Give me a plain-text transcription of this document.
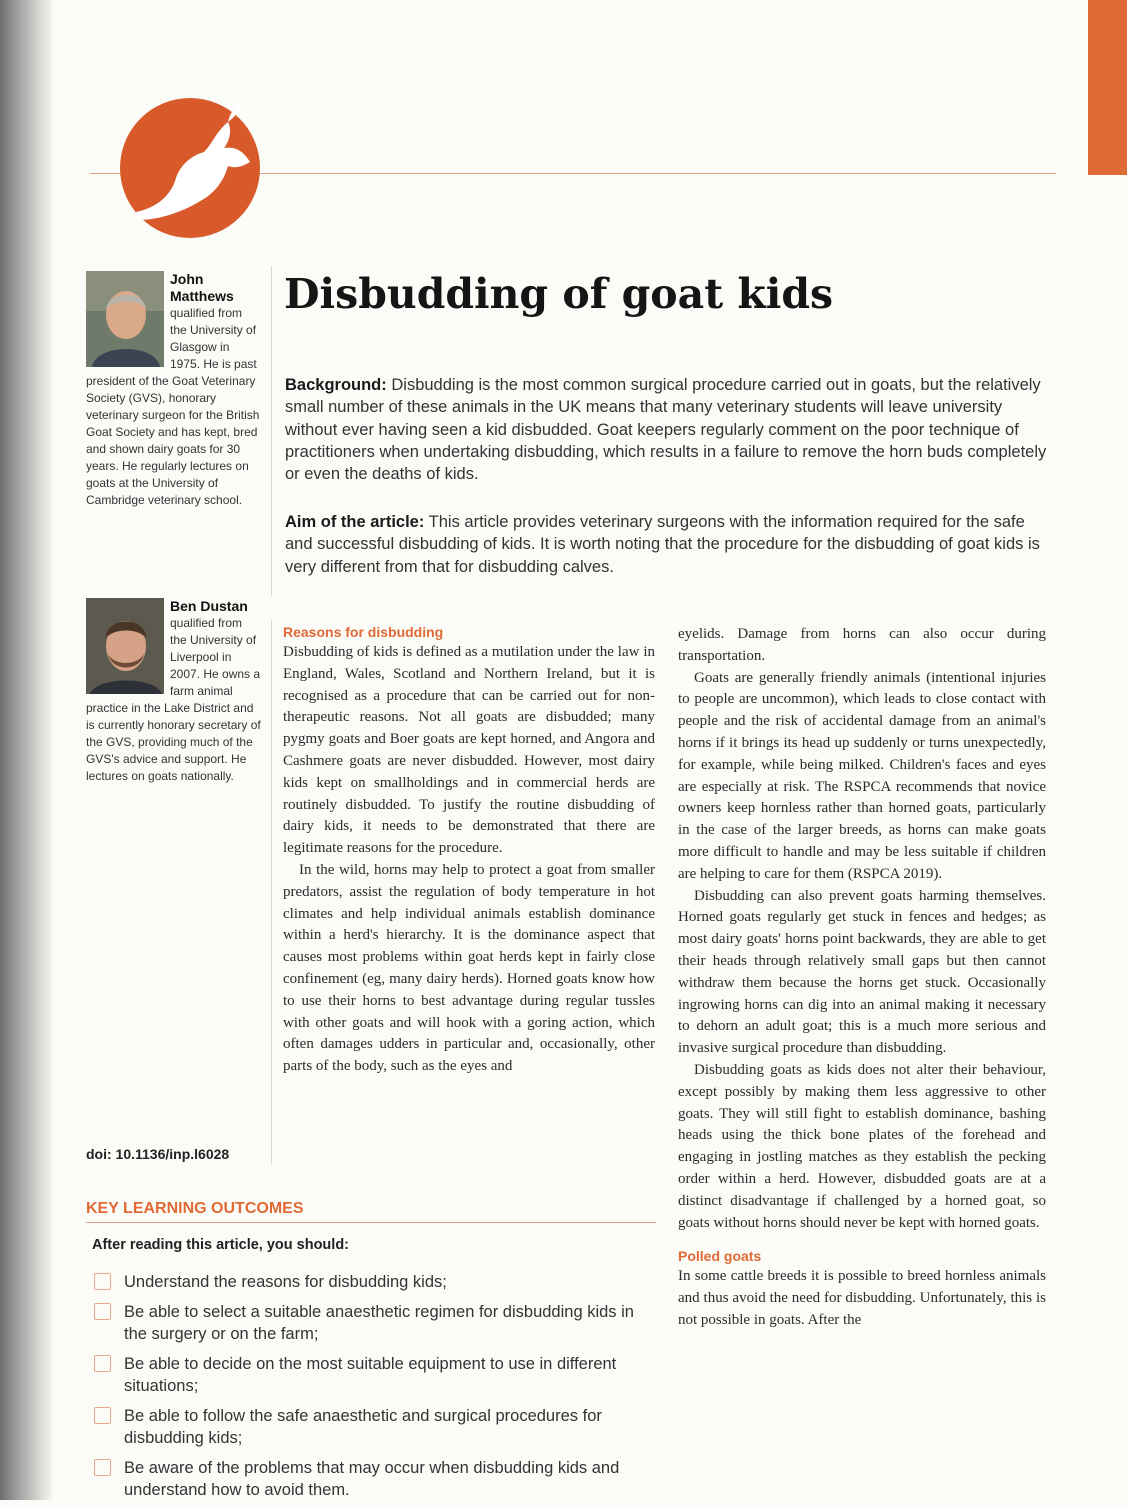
John Matthews
qualified from the University of Glasgow in 1975. He is past president of the Goat Veterinary Society (GVS), honorary veterinary surgeon for the British Goat Society and has kept, bred and shown dairy goats for 30 years. He regularly lectures on goats at the University of Cambridge veterinary school.
Ben Dustan
qualified from the University of Liverpool in 2007. He owns a farm animal practice in the Lake District and is currently honorary secretary of the GVS, providing much of the GVS's advice and support. He lectures on goats nationally.
Disbudding of goat kids

Background: Disbudding is the most common surgical procedure carried out in goats, but the relatively small number of these animals in the UK means that many veterinary students will leave university without ever having seen a kid disbudded. Goat keepers regularly comment on the poor technique of practitioners when undertaking disbudding, which results in a failure to remove the horn buds completely or even the deaths of kids.

Aim of the article: This article provides veterinary surgeons with the information required for the safe and successful disbudding of kids. It is worth noting that the procedure for the disbudding of goat kids is very different from that for disbudding calves.

Reasons for disbudding

Disbudding of kids is defined as a mutilation under the law in England, Wales, Scotland and Northern Ireland, but it is recognised as a procedure that can be carried out for non-therapeutic reasons. Not all goats are disbudded; many pygmy goats and Boer goats are kept horned, and Angora and Cashmere goats are never disbudded. However, most dairy kids kept on smallholdings and in commercial herds are routinely disbudded. To justify the routine disbudding of dairy kids, it needs to be demonstrated that there are legitimate reasons for the procedure.

In the wild, horns may help to protect a goat from smaller predators, assist the regulation of body temperature in hot climates and help individual animals establish dominance within a herd's hierarchy. It is the dominance aspect that causes most problems within goat herds kept in fairly close confinement (eg, many dairy herds). Horned goats know how to use their horns to best advantage during regular tussles with other goats and will hook with a goring action, which often damages udders in particular and, occasionally, other parts of the body, such as the eyes and

doi: 10.1136/inp.l6028

eyelids. Damage from horns can also occur during transportation.

Goats are generally friendly animals (intentional injuries to people are uncommon), which leads to close contact with people and the risk of accidental damage from an animal's horns if it brings its head up suddenly or turns unexpectedly, for example, while being milked. Children's faces and eyes are especially at risk. The RSPCA recommends that novice owners keep hornless rather than horned goats, particularly in the case of the larger breeds, as horns can make goats more difficult to handle and may be less suitable if children are helping to care for them (RSPCA 2019).

Disbudding can also prevent goats harming themselves. Horned goats regularly get stuck in fences and hedges; as most dairy goats' horns point backwards, they are able to get their heads through relatively small gaps but then cannot withdraw them because the horns get stuck. Occasionally ingrowing horns can dig into an animal making it necessary to dehorn an adult goat; this is a much more serious and invasive surgical procedure than disbudding.

Disbudding goats as kids does not alter their behaviour, except possibly by making them less aggressive to other goats. They will still fight to establish dominance, bashing heads using the thick bone plates of the forehead and engaging in jostling matches as they establish the pecking order within a herd. However, disbudded goats are at a distinct disadvantage if challenged by a horned goat, so goats without horns should never be kept with horned goats.

Polled goats

In some cattle breeds it is possible to breed hornless animals and thus avoid the need for disbudding. Unfortunately, this is not possible in goats. After the

KEY LEARNING OUTCOMES
After reading this article, you should:
Understand the reasons for disbudding kids;
Be able to select a suitable anaesthetic regimen for disbudding kids in the surgery or on the farm;
Be able to decide on the most suitable equipment to use in different situations;
Be able to follow the safe anaesthetic and surgical procedures for disbudding kids;
Be aware of the problems that may occur when disbudding kids and understand how to avoid them.
